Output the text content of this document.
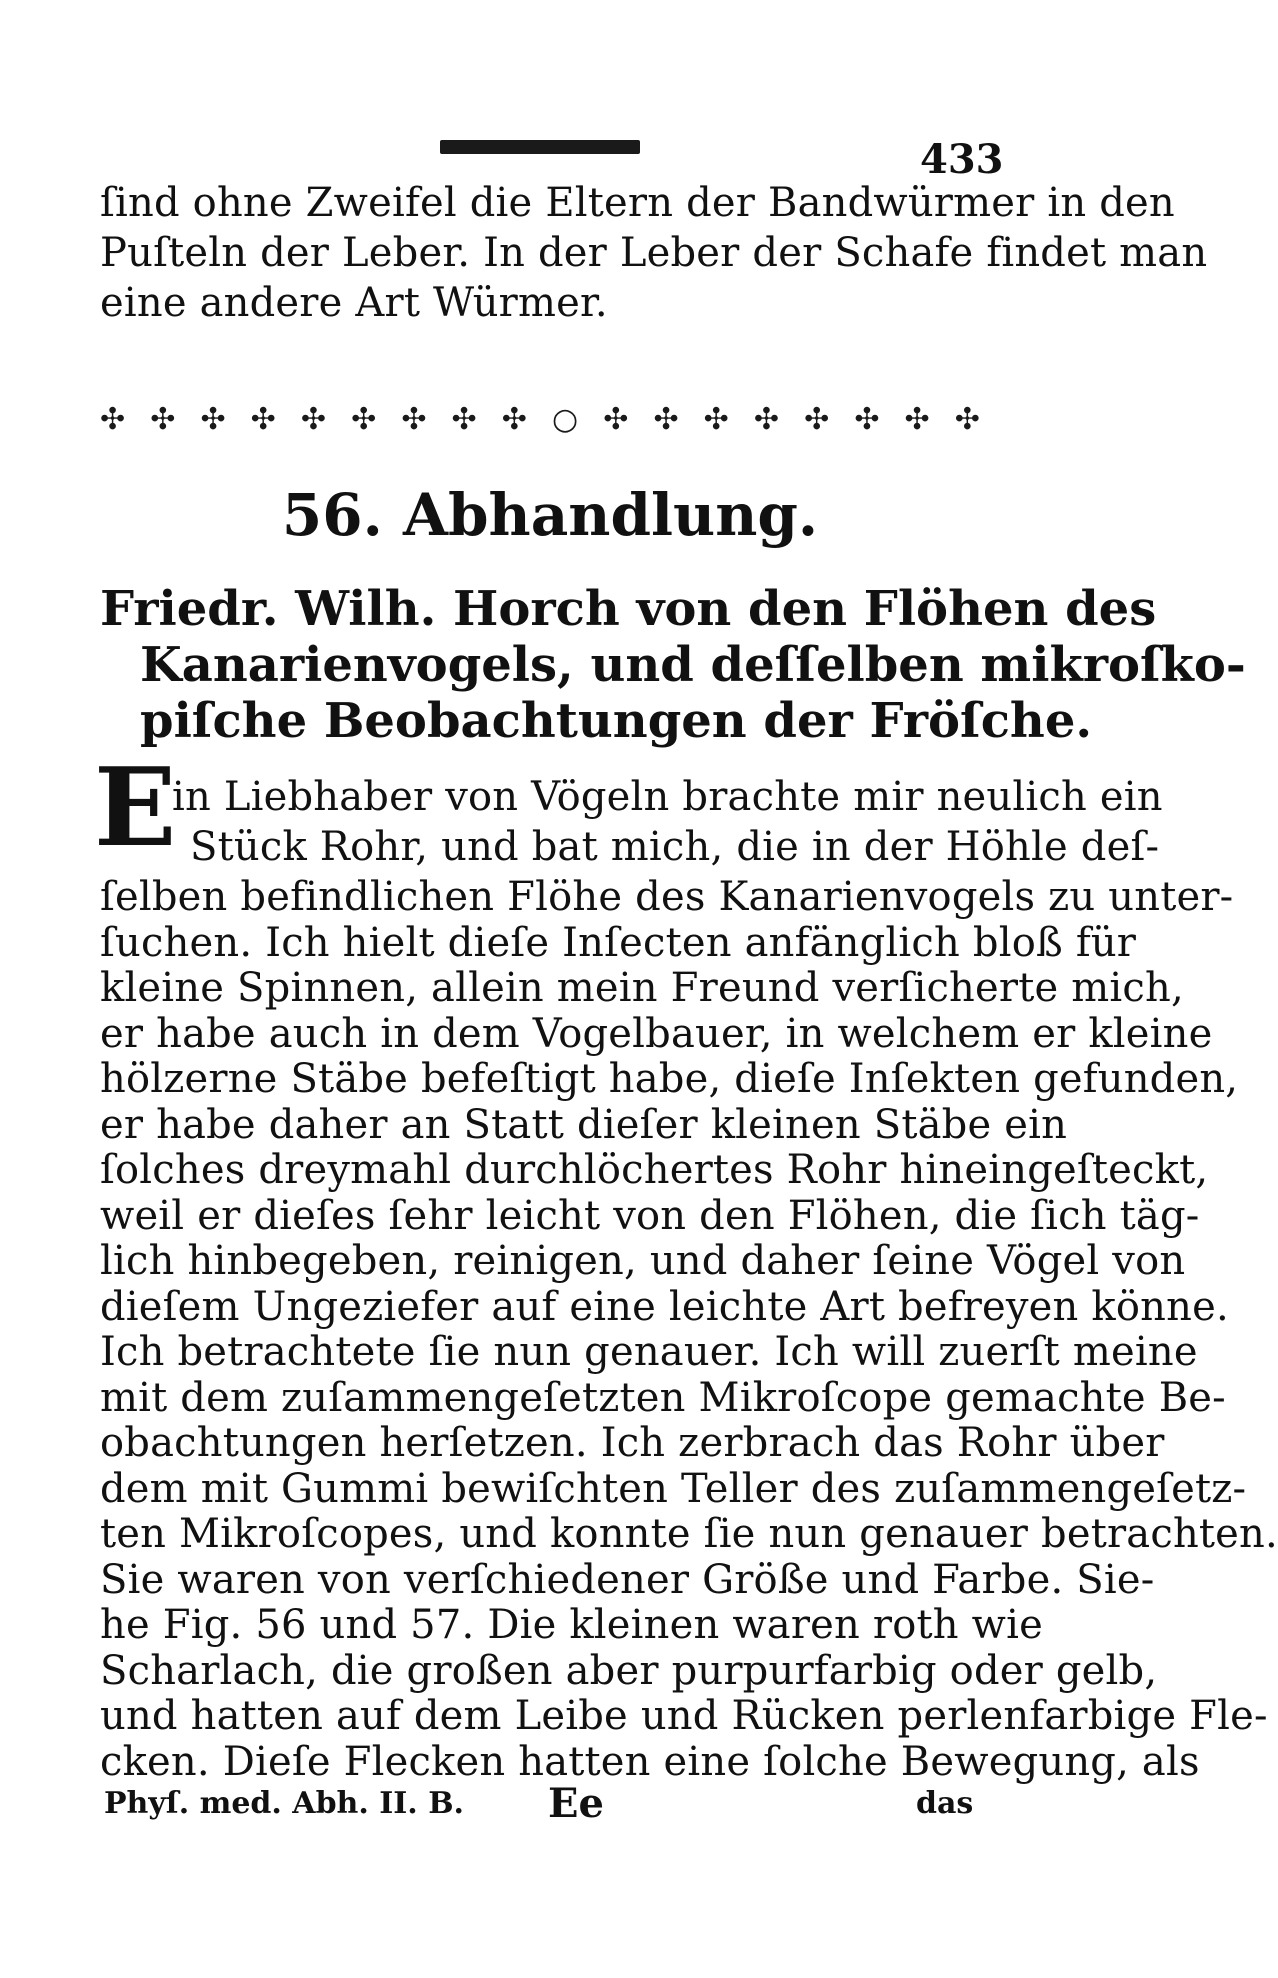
433
ſind ohne Zweifel die Eltern der Bandwürmer in den
Puſteln der Leber. In der Leber der Schafe findet man
eine andere Art Würmer.
✣ ✣ ✣ ✣ ✣ ✣ ✣ ✣ ✣ ○ ✣ ✣ ✣ ✣ ✣ ✣ ✣ ✣
56. Abhandlung.
Friedr. Wilh. Horch von den Flöhen des
Kanarienvogels, und deſſelben mikroſko-
piſche Beobachtungen der Fröſche.
E
in Liebhaber von Vögeln brachte mir neulich ein
Stück Rohr, und bat mich, die in der Höhle deſ-
ſelben befindlichen Flöhe des Kanarienvogels zu unter-
ſuchen. Ich hielt dieſe Inſecten anfänglich bloß für
kleine Spinnen, allein mein Freund verſicherte mich,
er habe auch in dem Vogelbauer, in welchem er kleine
hölzerne Stäbe befeſtigt habe, dieſe Inſekten gefunden,
er habe daher an Statt dieſer kleinen Stäbe ein
ſolches dreymahl durchlöchertes Rohr hineingeſteckt,
weil er dieſes ſehr leicht von den Flöhen, die ſich täg-
lich hinbegeben, reinigen, und daher ſeine Vögel von
dieſem Ungeziefer auf eine leichte Art befreyen könne.
Ich betrachtete ſie nun genauer. Ich will zuerſt meine
mit dem zuſammengeſetzten Mikroſcope gemachte Be-
obachtungen herſetzen. Ich zerbrach das Rohr über
dem mit Gummi bewiſchten Teller des zuſammengeſetz-
ten Mikroſcopes, und konnte ſie nun genauer betrachten.
Sie waren von verſchiedener Größe und Farbe. Sie-
he Fig. 56 und 57. Die kleinen waren roth wie
Scharlach, die großen aber purpurfarbig oder gelb,
und hatten auf dem Leibe und Rücken perlenfarbige Fle-
Phyſ. med. Abh. II. B. Ee	das
cken. Dieſe Flecken hatten eine ſolche Bewegung, als
